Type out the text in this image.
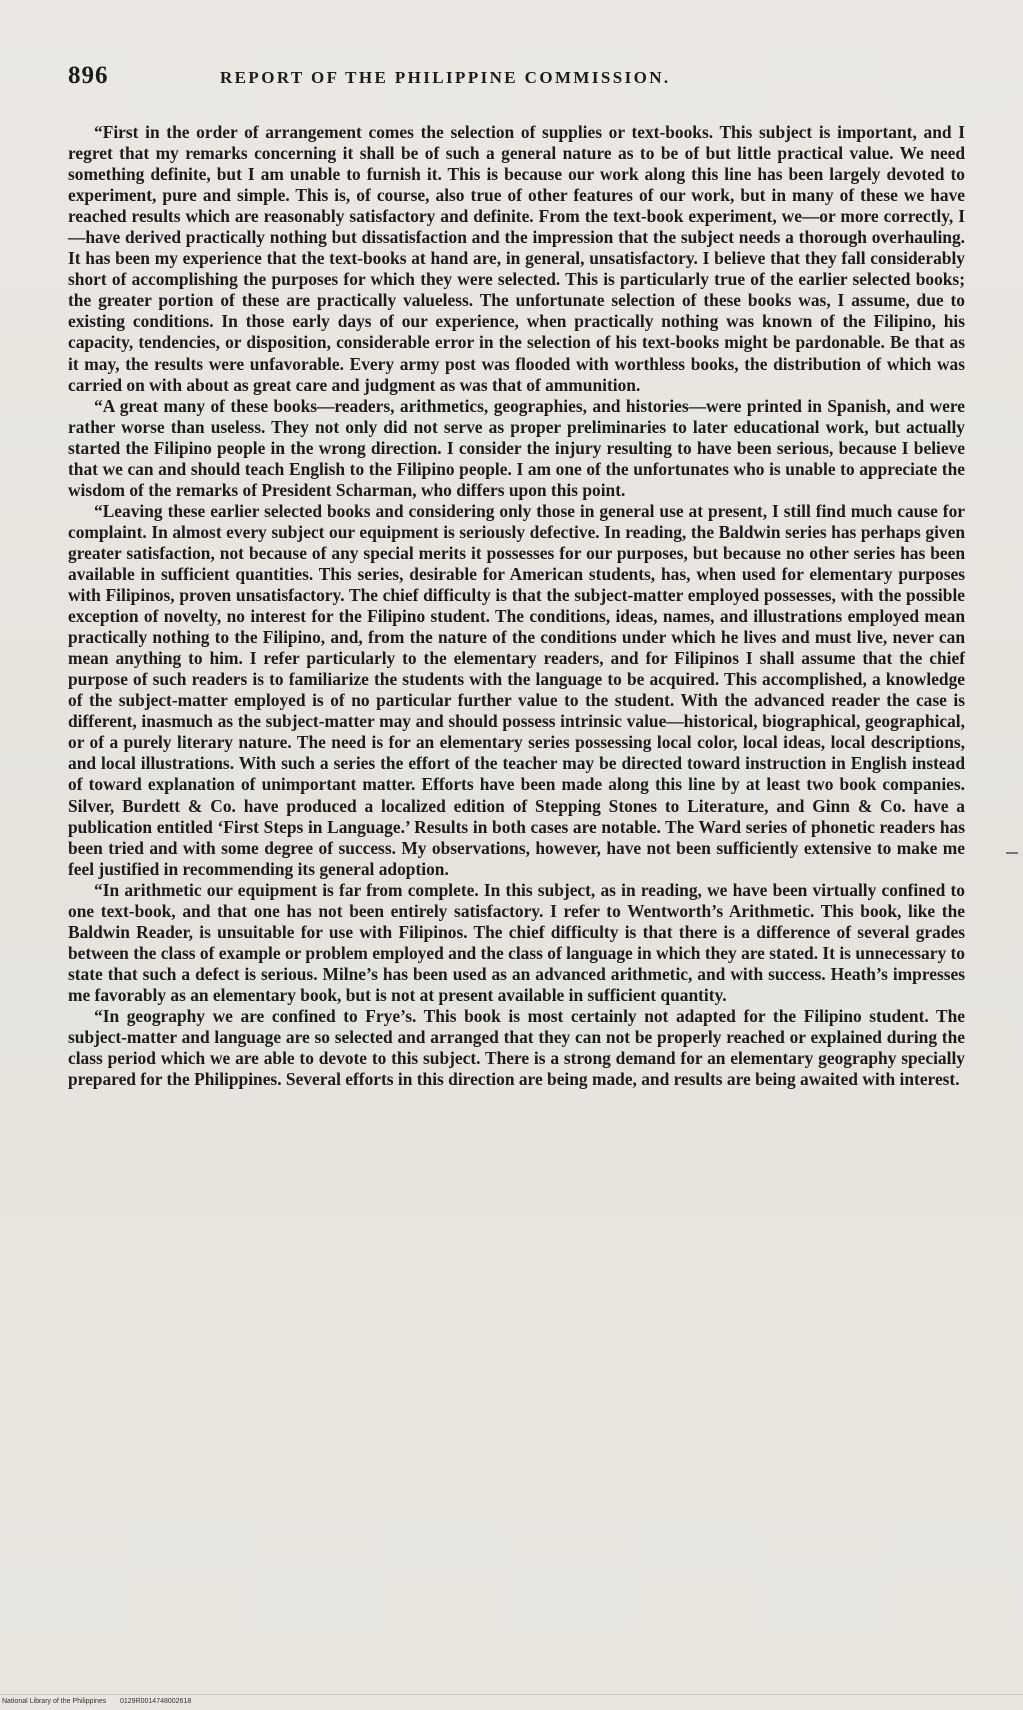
896	REPORT OF THE PHILIPPINE COMMISSION.

“First in the order of arrangement comes the selection of supplies or text-books. This subject is important, and I regret that my remarks concerning it shall be of such a general nature as to be of but little practical value. We need something definite, but I am unable to furnish it. This is because our work along this line has been largely devoted to experiment, pure and simple. This is, of course, also true of other features of our work, but in many of these we have reached results which are reasonably satisfactory and definite. From the text-book experiment, we—or more correctly, I—have derived practically nothing but dissatisfaction and the impression that the subject needs a thorough overhauling. It has been my experience that the text-books at hand are, in general, unsatisfactory. I believe that they fall considerably short of accomplishing the purposes for which they were selected. This is particularly true of the earlier selected books; the greater portion of these are practically valueless. The unfortunate selection of these books was, I assume, due to existing conditions. In those early days of our experience, when practically nothing was known of the Filipino, his capacity, tendencies, or disposition, considerable error in the selection of his text-books might be pardonable. Be that as it may, the results were unfavorable. Every army post was flooded with worthless books, the distribution of which was carried on with about as great care and judgment as was that of ammunition.

“A great many of these books—readers, arithmetics, geographies, and histories—were printed in Spanish, and were rather worse than useless. They not only did not serve as proper preliminaries to later educational work, but actually started the Filipino people in the wrong direction. I consider the injury resulting to have been serious, because I believe that we can and should teach English to the Filipino people. I am one of the unfortunates who is unable to appreciate the wisdom of the remarks of President Scharman, who differs upon this point.

“Leaving these earlier selected books and considering only those in general use at present, I still find much cause for complaint. In almost every subject our equipment is seriously defective. In reading, the Baldwin series has perhaps given greater satisfaction, not because of any special merits it possesses for our purposes, but because no other series has been available in sufficient quantities. This series, desirable for American students, has, when used for elementary purposes with Filipinos, proven unsatisfactory. The chief difficulty is that the subject-matter employed possesses, with the possible exception of novelty, no interest for the Filipino student. The conditions, ideas, names, and illustrations employed mean practically nothing to the Filipino, and, from the nature of the conditions under which he lives and must live, never can mean anything to him. I refer particularly to the elementary readers, and for Filipinos I shall assume that the chief purpose of such readers is to familiarize the students with the language to be acquired. This accomplished, a knowledge of the subject-matter employed is of no particular further value to the student. With the advanced reader the case is different, inasmuch as the subject-matter may and should possess intrinsic value—historical, biographical, geographical, or of a purely literary nature. The need is for an elementary series possessing local color, local ideas, local descriptions, and local illustrations. With such a series the effort of the teacher may be directed toward instruction in English instead of toward explanation of unimportant matter. Efforts have been made along this line by at least two book companies. Silver, Burdett & Co. have produced a localized edition of Stepping Stones to Literature, and Ginn & Co. have a publication entitled ‘First Steps in Language.’ Results in both cases are notable. The Ward series of phonetic readers has been tried and with some degree of success. My observations, however, have not been sufficiently extensive to make me feel justified in recommending its general adoption.

“In arithmetic our equipment is far from complete. In this subject, as in reading, we have been virtually confined to one text-book, and that one has not been entirely satisfactory. I refer to Wentworth’s Arithmetic. This book, like the Baldwin Reader, is unsuitable for use with Filipinos. The chief difficulty is that there is a difference of several grades between the class of example or problem employed and the class of language in which they are stated. It is unnecessary to state that such a defect is serious. Milne’s has been used as an advanced arithmetic, and with success. Heath’s impresses me favorably as an elementary book, but is not at present available in sufficient quantity.

“In geography we are confined to Frye’s. This book is most certainly not adapted for the Filipino student. The subject-matter and language are so selected and arranged that they can not be properly reached or explained during the class period which we are able to devote to this subject. There is a strong demand for an elementary geography specially prepared for the Philippines. Several efforts in this direction are being made, and results are being awaited with interest.

National Library of the Philippines 0129R0014748002618
